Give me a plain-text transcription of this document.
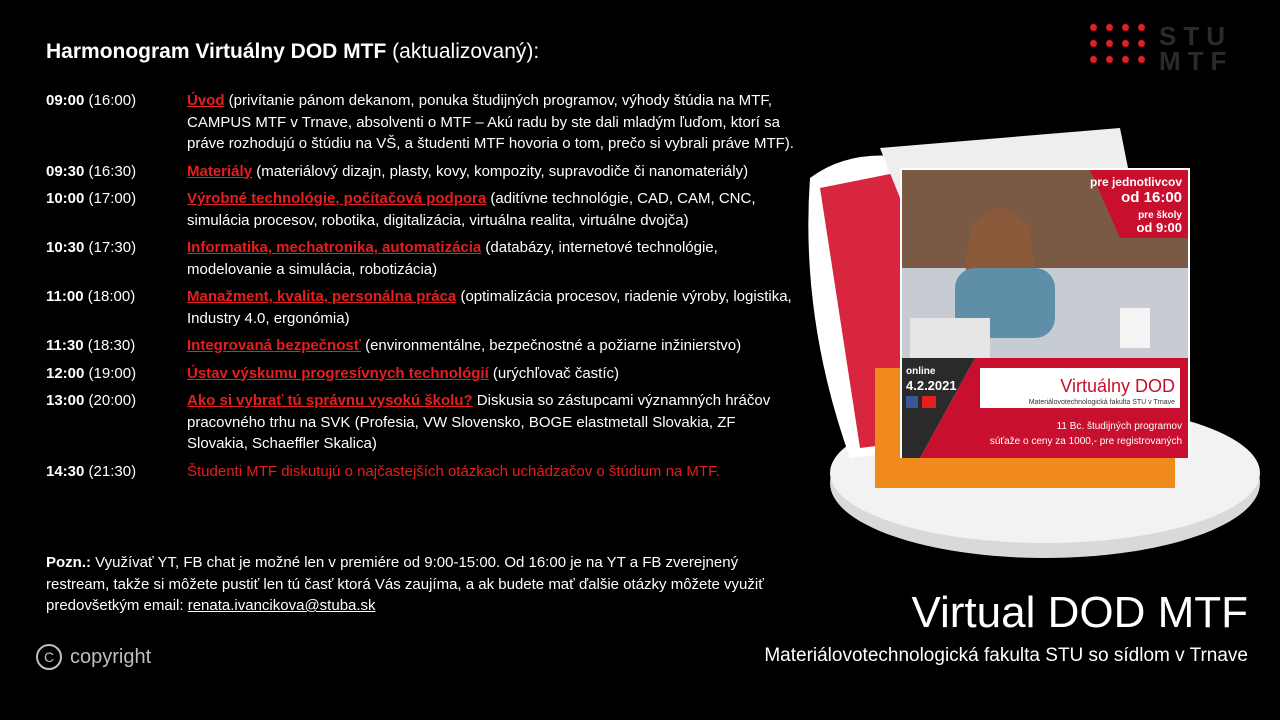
Harmonogram Virtuálny DOD MTF (aktualizovaný):
09:00 (16:00)	Úvod (privítanie pánom dekanom, ponuka študijných programov, výhody štúdia na MTF, CAMPUS MTF v Trnave, absolventi o MTF – Akú radu by ste dali mladým ľuďom, ktorí sa práve rozhodujú o štúdiu na VŠ, a študenti MTF hovoria o tom, prečo si vybrali práve MTF).
09:30 (16:30)	Materiály (materiálový dizajn, plasty, kovy, kompozity, supravodiče či nanomateriály)
10:00 (17:00)	Výrobné technológie, počítačová podpora (aditívne technológie, CAD, CAM, CNC, simulácia procesov, robotika, digitalizácia, virtuálna realita, virtuálne dvojča)
10:30 (17:30)	Informatika, mechatronika, automatizácia (databázy, internetové technológie, modelovanie a simulácia, robotizácia)
11:00 (18:00)	Manažment, kvalita, personálna práca (optimalizácia procesov, riadenie výroby, logistika, Industry 4.0, ergonómia)
11:30 (18:30)	Integrovaná bezpečnosť (environmentálne, bezpečnostné a požiarne inžinierstvo)
12:00 (19:00)	Ústav výskumu progresívnych technológií (urýchľovač častíc)
13:00 (20:00)	Ako si vybrať tú správnu vysokú školu? Diskusia so zástupcami významných hráčov pracovného trhu na SVK (Profesia, VW Slovensko, BOGE elastmetall Slovakia, ZF Slovakia, Schaeffler Skalica)
14:30 (21:30)	Študenti MTF diskutujú o najčastejších otázkach uchádzačov o štúdium na MTF.
Pozn.: Využívať YT, FB chat je možné len v premiére od 9:00-15:00. Od 16:00 je na YT a FB zverejnený restream, takže si môžete pustiť len tú časť ktorá Vás zaujíma, a ak budete mať ďalšie otázky môžete využiť predovšetkým email: renata.ivancikova@stuba.sk
C copyright
STU
MTF
pre jednotlivcov
od 16:00
pre školy
od 9:00
online
4.2.2021	Virtuálny DOD
Materiálovotechnologická fakulta STU v Trnave
11 Bc. študijných programov
súťaže o ceny za 1000,- pre registrovaných
Virtual DOD MTF
Materiálovotechnologická fakulta STU so sídlom v Trnave
